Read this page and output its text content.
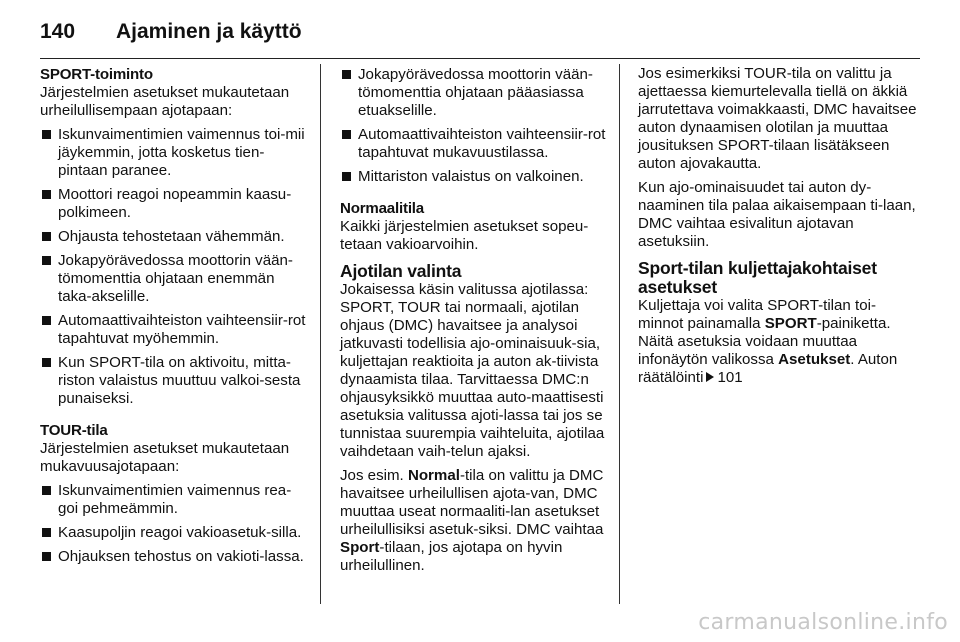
140 Ajaminen ja käyttö

SPORT-toiminto

Järjestelmien asetukset mukautetaan urheilullisempaan ajotapaan:

Iskunvaimentimien vaimennus toi-mii jäykemmin, jotta kosketus tien-pintaan paranee.
Moottori reagoi nopeammin kaasu-polkimeen.
Ohjausta tehostetaan vähemmän.
Jokapyörävedossa moottorin vään-tömomenttia ohjataan enemmän taka-akselille.
Automaattivaihteiston vaihteensiir-rot tapahtuvat myöhemmin.
Kun SPORT-tila on aktivoitu, mitta-riston valaistus muuttuu valkoi-sesta punaiseksi.

TOUR-tila

Järjestelmien asetukset mukautetaan mukavuusajotapaan:

Iskunvaimentimien vaimennus rea-goi pehmeämmin.
Kaasupoljin reagoi vakioasetuk-silla.
Ohjauksen tehostus on vakioti-lassa.
Jokapyörävedossa moottorin vään-tömomenttia ohjataan pääasiassa etuakselille.
Automaattivaihteiston vaihteensiir-rot tapahtuvat mukavuustilassa.
Mittariston valaistus on valkoinen.

Normaalitila

Kaikki järjestelmien asetukset sopeu-tetaan vakioarvoihin.

Ajotilan valinta

Jokaisessa käsin valitussa ajotilassa: SPORT, TOUR tai normaali, ajotilan ohjaus (DMC) havaitsee ja analysoi jatkuvasti todellisia ajo-ominaisuuk-sia, kuljettajan reaktioita ja auton ak-tiivista dynaamista tilaa. Tarvittaessa DMC:n ohjausyksikkö muuttaa auto-maattisesti asetuksia valitussa ajoti-lassa tai jos se tunnistaa suurempia vaihteluita, ajotilaa vaihdetaan vaih-telun ajaksi.

Jos esim. Normal-tila on valittu ja DMC havaitsee urheilullisen ajota-van, DMC muuttaa useat normaaliti-lan asetukset urheilullisiksi asetuk-siksi. DMC vaihtaa Sport-tilaan, jos ajotapa on hyvin urheilullinen.

Jos esimerkiksi TOUR-tila on valittu ja ajettaessa kiemurtelevalla tiellä on äkkiä jarrutettava voimakkaasti, DMC havaitsee auton dynaamisen olotilan ja muuttaa jousituksen SPORT-tilaan lisätäkseen auton ajovakautta.

Kun ajo-ominaisuudet tai auton dy-naaminen tila palaa aikaisempaan ti-laan, DMC vaihtaa esivalitun ajotavan asetuksiin.

Sport-tilan kuljettajakohtaiset asetukset

Kuljettaja voi valita SPORT-tilan toi-minnot painamalla SPORT-painiketta. Näitä asetuksia voidaan muuttaa infonäytön valikossa Asetukset. Auton räätälöinti 101

carmanualsonline.info
